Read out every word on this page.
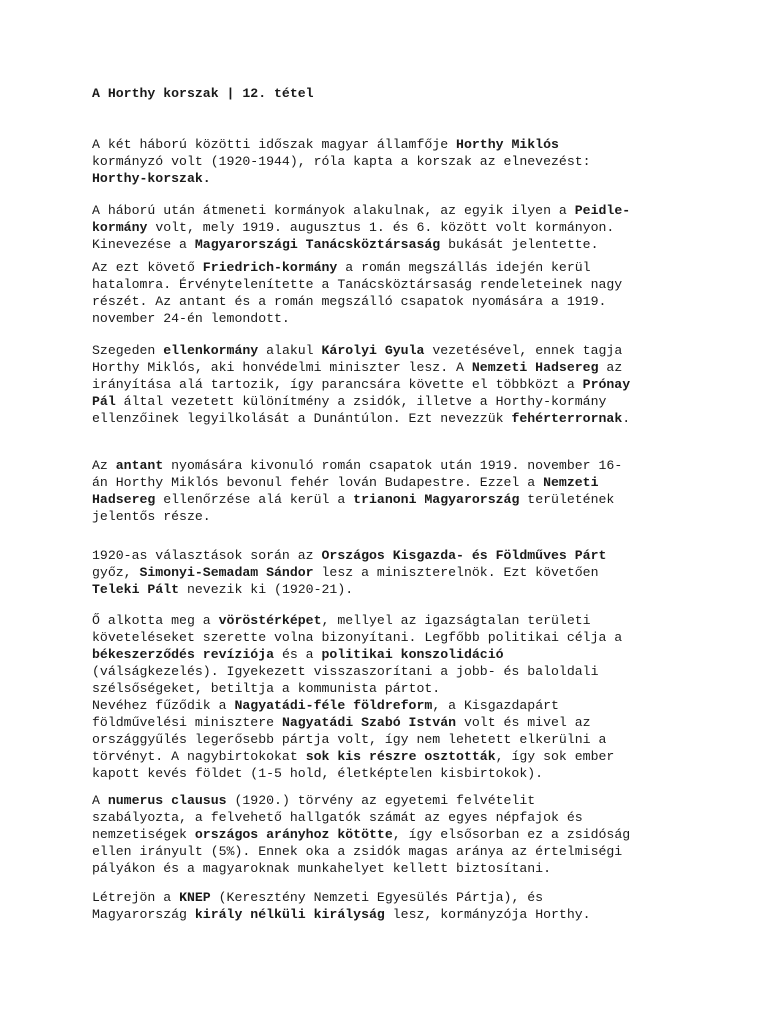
A Horthy korszak | 12. tétel

A két háború közötti időszak magyar államfője Horthy Miklós
kormányzó volt (1920-1944), róla kapta a korszak az elnevezést:
Horthy-korszak.

A háború után átmeneti kormányok alakulnak, az egyik ilyen a Peidle-
kormány volt, mely 1919. augusztus 1. és 6. között volt kormányon.
Kinevezése a Magyarországi Tanácsköztársaság bukását jelentette.

Az ezt követő Friedrich-kormány a román megszállás idején kerül
hatalomra. Érvénytelenítette a Tanácsköztársaság rendeleteinek nagy
részét. Az antant és a román megszálló csapatok nyomására a 1919.
november 24-én lemondott.

Szegeden ellenkormány alakul Károlyi Gyula vezetésével, ennek tagja
Horthy Miklós, aki honvédelmi miniszter lesz. A Nemzeti Hadsereg az
irányítása alá tartozik, így parancsára követte el többközt a Prónay
Pál által vezetett különítmény a zsidók, illetve a Horthy-kormány
ellenzőinek legyilkolását a Dunántúlon. Ezt nevezzük fehérterrornak.

Az antant nyomására kivonuló román csapatok után 1919. november 16-
án Horthy Miklós bevonul fehér lován Budapestre. Ezzel a Nemzeti
Hadsereg ellenőrzése alá kerül a trianoni Magyarország területének
jelentős része.

1920-as választások során az Országos Kisgazda- és Földműves Párt
győz, Simonyi-Semadam Sándor lesz a miniszterelnök. Ezt követően
Teleki Pált nevezik ki (1920-21).

Ő alkotta meg a vöröstérképet, mellyel az igazságtalan területi
követeléseket szerette volna bizonyítani. Legfőbb politikai célja a
békeszerződés revíziója és a politikai konszolidáció
(válságkezelés). Igyekezett visszaszorítani a jobb- és baloldali
szélsőségeket, betiltja a kommunista pártot.
Nevéhez fűződik a Nagyatádi-féle földreform, a Kisgazdapárt
földművelési minisztere Nagyatádi Szabó István volt és mivel az
országgyűlés legerősebb pártja volt, így nem lehetett elkerülni a
törvényt. A nagybirtokokat sok kis részre osztották, így sok ember
kapott kevés földet (1-5 hold, életképtelen kisbirtokok).

A numerus clausus (1920.) törvény az egyetemi felvételit
szabályozta, a felvehető hallgatók számát az egyes népfajok és
nemzetiségek országos arányhoz kötötte, így elsősorban ez a zsidóság
ellen irányult (5%). Ennek oka a zsidók magas aránya az értelmiségi
pályákon és a magyaroknak munkahelyet kellett biztosítani.

Létrejön a KNEP (Keresztény Nemzeti Egyesülés Pártja), és
Magyarország király nélküli királyság lesz, kormányzója Horthy.
